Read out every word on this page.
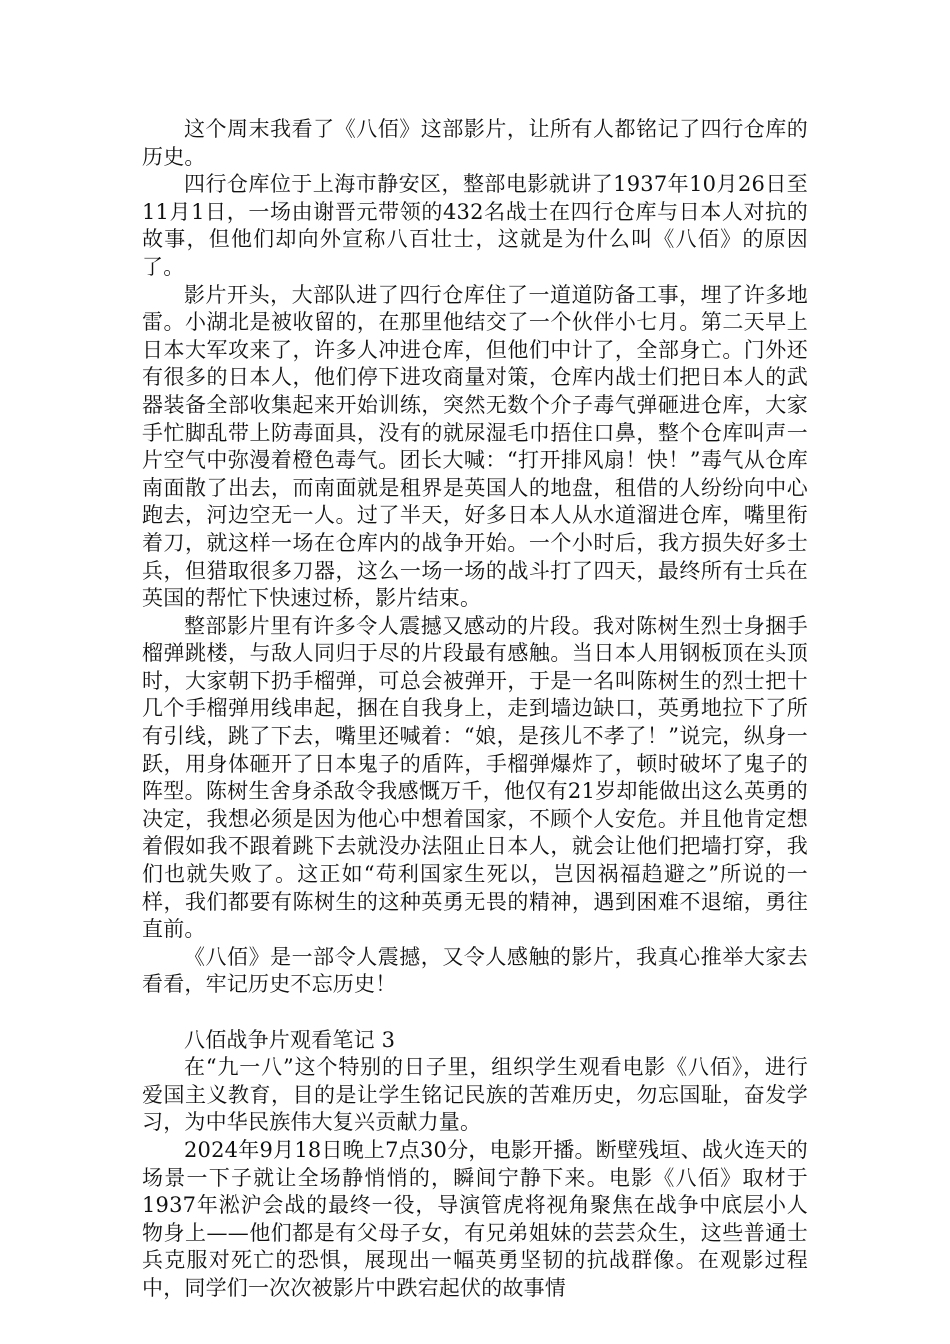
这个周末我看了《八佰》这部影片，让所有人都铭记了四行仓库的历史。

四行仓库位于上海市静安区，整部电影就讲了1937年10月26日至11月1日，一场由谢晋元带领的432名战士在四行仓库与日本人对抗的故事，但他们却向外宣称八百壮士，这就是为什么叫《八佰》的原因了。

影片开头，大部队进了四行仓库住了一道道防备工事，埋了许多地雷。小湖北是被收留的，在那里他结交了一个伙伴小七月。第二天早上日本大军攻来了，许多人冲进仓库，但他们中计了，全部身亡。门外还有很多的日本人，他们停下进攻商量对策，仓库内战士们把日本人的武器装备全部收集起来开始训练，突然无数个介子毒气弹砸进仓库，大家手忙脚乱带上防毒面具，没有的就尿湿毛巾捂住口鼻，整个仓库叫声一片空气中弥漫着橙色毒气。团长大喊：“打开排风扇！快！”毒气从仓库南面散了出去，而南面就是租界是英国人的地盘，租借的人纷纷向中心跑去，河边空无一人。过了半天，好多日本人从水道溜进仓库，嘴里衔着刀，就这样一场在仓库内的战争开始。一个小时后，我方损失好多士兵，但猎取很多刀器，这么一场一场的战斗打了四天，最终所有士兵在英国的帮忙下快速过桥，影片结束。

整部影片里有许多令人震撼又感动的片段。我对陈树生烈士身捆手榴弹跳楼，与敌人同归于尽的片段最有感触。当日本人用钢板顶在头顶时，大家朝下扔手榴弹，可总会被弹开，于是一名叫陈树生的烈士把十几个手榴弹用线串起，捆在自我身上，走到墙边缺口，英勇地拉下了所有引线，跳了下去，嘴里还喊着：“娘，是孩儿不孝了！”说完，纵身一跃，用身体砸开了日本鬼子的盾阵，手榴弹爆炸了，顿时破坏了鬼子的阵型。陈树生舍身杀敌令我感慨万千，他仅有21岁却能做出这么英勇的决定，我想必须是因为他心中想着国家，不顾个人安危。并且他肯定想着假如我不跟着跳下去就没办法阻止日本人，就会让他们把墙打穿，我们也就失败了。这正如“苟利国家生死以，岂因祸福趋避之”所说的一样，我们都要有陈树生的这种英勇无畏的精神，遇到困难不退缩，勇往直前。

《八佰》是一部令人震撼，又令人感触的影片，我真心推举大家去看看，牢记历史不忘历史！

八佰战争片观看笔记 3

在“九一八”这个特别的日子里，组织学生观看电影《八佰》，进行爱国主义教育，目的是让学生铭记民族的苦难历史，勿忘国耻，奋发学习，为中华民族伟大复兴贡献力量。

2024年9月18日晚上7点30分，电影开播。断壁残垣、战火连天的场景一下子就让全场静悄悄的，瞬间宁静下来。电影《八佰》取材于1937年淞沪会战的最终一役，导演管虎将视角聚焦在战争中底层小人物身上——他们都是有父母子女，有兄弟姐妹的芸芸众生，这些普通士兵克服对死亡的恐惧，展现出一幅英勇坚韧的抗战群像。在观影过程中，同学们一次次被影片中跌宕起伏的故事情
